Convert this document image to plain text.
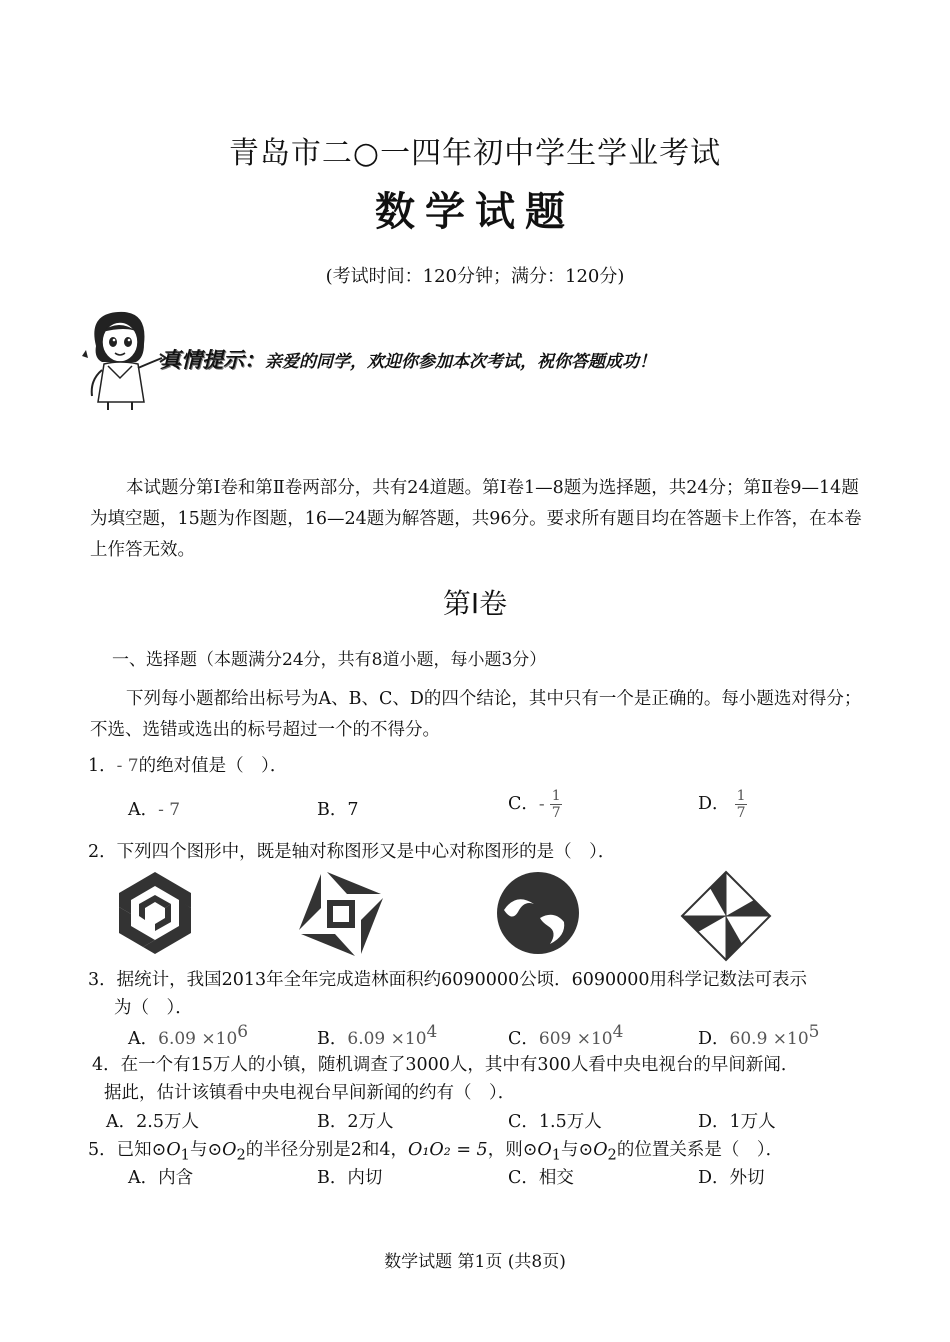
青岛市二○一四年初中学生学业考试
数学试题
(考试时间：120分钟；满分：120分)
真情提示：亲爱的同学，欢迎你参加本次考试，祝你答题成功！
本试题分第Ⅰ卷和第Ⅱ卷两部分，共有24道题。第Ⅰ卷1—8题为选择题，共24分；第Ⅱ卷9—14题为填空题，15题为作图题，16—24题为解答题，共96分。要求所有题目均在答题卡上作答，在本卷上作答无效。
第Ⅰ卷
一、选择题（本题满分24分，共有8道小题，每小题3分）
下列每小题都给出标号为A、B、C、D的四个结论，其中只有一个是正确的。每小题选对得分；不选、选错或选出的标号超过一个的不得分。
1．- 7的绝对值是（　）．
A．- 7	B．7	C．- $\frac{1}{7}$	D． $\frac{1}{7}$
2．下列四个图形中，既是轴对称图形又是中心对称图形的是（　）．
3．据统计，我国2013年全年完成造林面积约6090000公顷．6090000用科学记数法可表示
为（　）．
A．$6.09 \times 10^6$	B．$6.09 \times 10^4$	C．$609 \times 10^4$	D．$60.9 \times 10^5$
4．在一个有15万人的小镇，随机调查了3000人，其中有300人看中央电视台的早间新闻．
据此，估计该镇看中央电视台早间新闻的约有（　）．
A．2.5万人	B．2万人	C．1.5万人	D．1万人
5．已知$⊙O_1$与$⊙O_2$的半径分别是2和4，O₁O₂ = 5，则$⊙O_1$与$⊙O_2$的位置关系是（　）．
A．内含	B．内切	C．相交	D．外切
数学试题 第1页 (共8页)
